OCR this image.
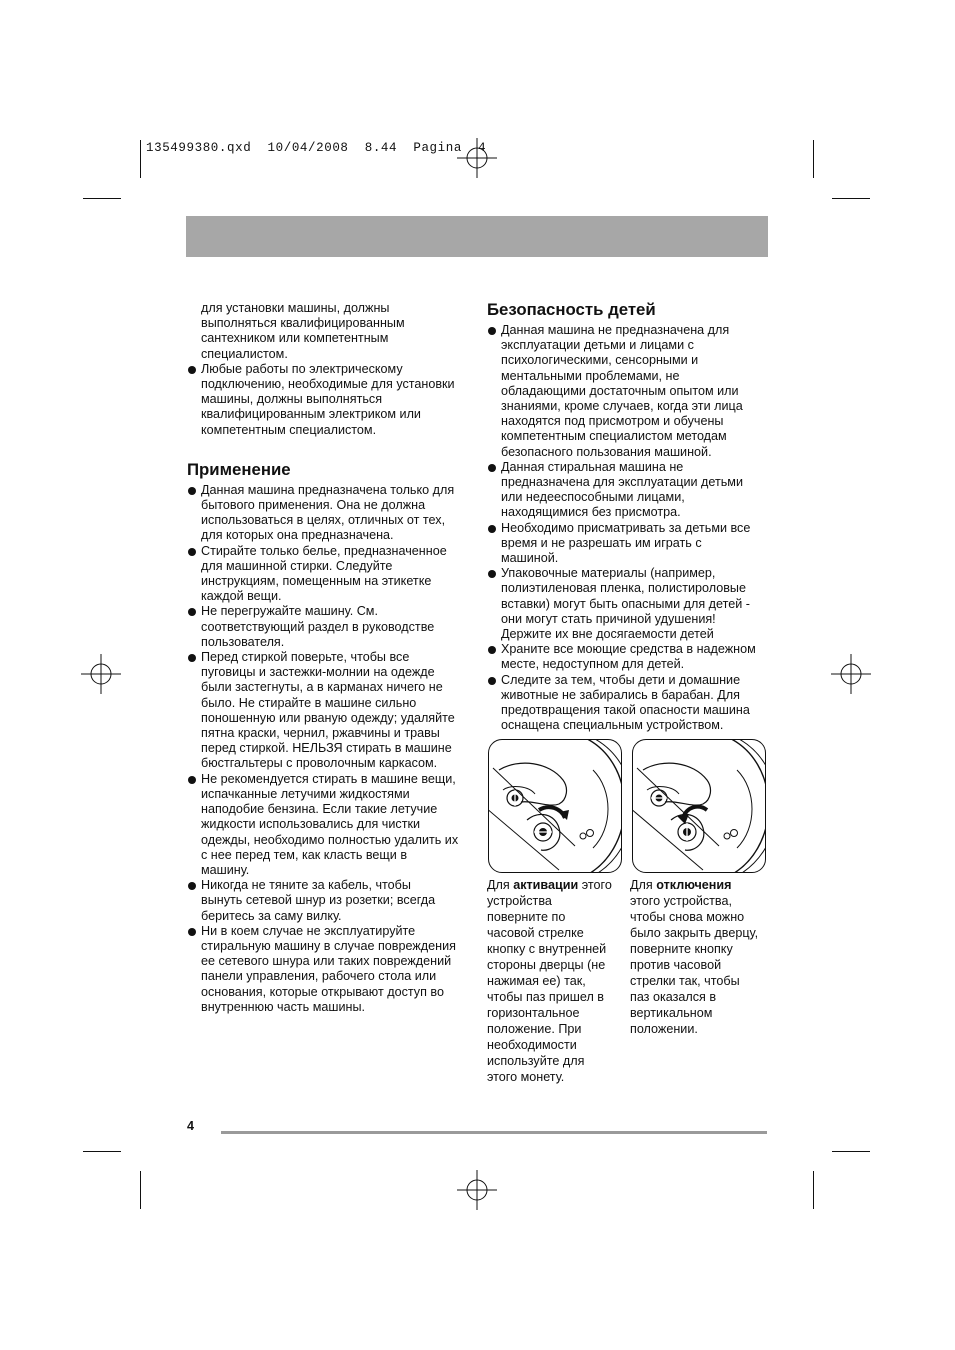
135499380.qxd  10/04/2008  8.44  Pagina  4
для установки машины, должны
выполняться квалифицированным
сантехником или компетентным
специалистом.
Любые работы по электрическому
подключению, необходимые для установки
машины, должны выполняться
квалифицированным электриком или
компетентным специалистом.
Применение
Данная машина предназначена только для
бытового применения. Она не должна
использоваться в целях, отличных от тех,
для которых она предназначена.
Стирайте только белье, предназначенное
для машинной стирки. Следуйте
инструкциям, помещенным на этикетке
каждой вещи.
Не перегружайте машину. См.
соответствующий раздел в руководстве
пользователя.
Перед стиркой поверьте, чтобы все
пуговицы и застежки-молнии на одежде
были застегнуты, а в карманах ничего не
было. Не стирайте в машине сильно
поношенную или рваную одежду; удаляйте
пятна краски, чернил, ржавчины и травы
перед стиркой. НЕЛЬЗЯ стирать в машине
бюстгальтеры с проволочным каркасом.
Не рекомендуется стирать в машине вещи,
испачканные летучими жидкостями
наподобие бензина. Если такие летучие
жидкости использовались для чистки
одежды, необходимо полностью удалить их
с нее перед тем, как класть вещи в
машину.
Никогда не тяните за кабель, чтобы
вынуть сетевой шнур из розетки; всегда
беритесь за саму вилку.
Ни в коем случае не эксплуатируйте
стиральную машину в случае повреждения
ее сетевого шнура или таких повреждений
панели управления, рабочего стола или
основания, которые открывают доступ во
внутреннюю часть машины.
Безопасность детей
Данная машина не предназначена для
эксплуатации детьми и лицами с
психологическими, сенсорными и
ментальными проблемами, не
обладающими достаточным опытом или
знаниями, кроме случаев, когда эти лица
находятся под присмотром и обучены
компетентным специалистом методам
безопасного пользования машиной.
Данная стиральная машина не
предназначена для эксплуатации детьми
или недееспособными лицами,
находящимися без присмотра.
Необходимо присматривать за детьми все
время и не разрешать им играть с
машиной.
Упаковочные материалы (например,
полиэтиленовая пленка, полистироловые
вставки) могут быть опасными для детей -
они могут стать причиной удушения!
Держите их вне досягаемости детей
Храните все моющие средства в надежном
месте, недоступном для детей.
Следите за тем, чтобы дети и домашние
животные не забирались в барабан. Для
предотвращения такой опасности машина
оснащена специальным устройством.
Для активации этого
устройства
поверните по
часовой стрелке
кнопку с внутренней
стороны дверцы (не
нажимая ее) так,
чтобы паз пришел в
горизонтальное
положение. При
необходимости
используйте для
этого монету.
Для отключения
этого устройства,
чтобы снова можно
было закрыть дверцу,
поверните кнопку
против часовой
стрелки так, чтобы
паз оказался в
вертикальном
положении.
4
